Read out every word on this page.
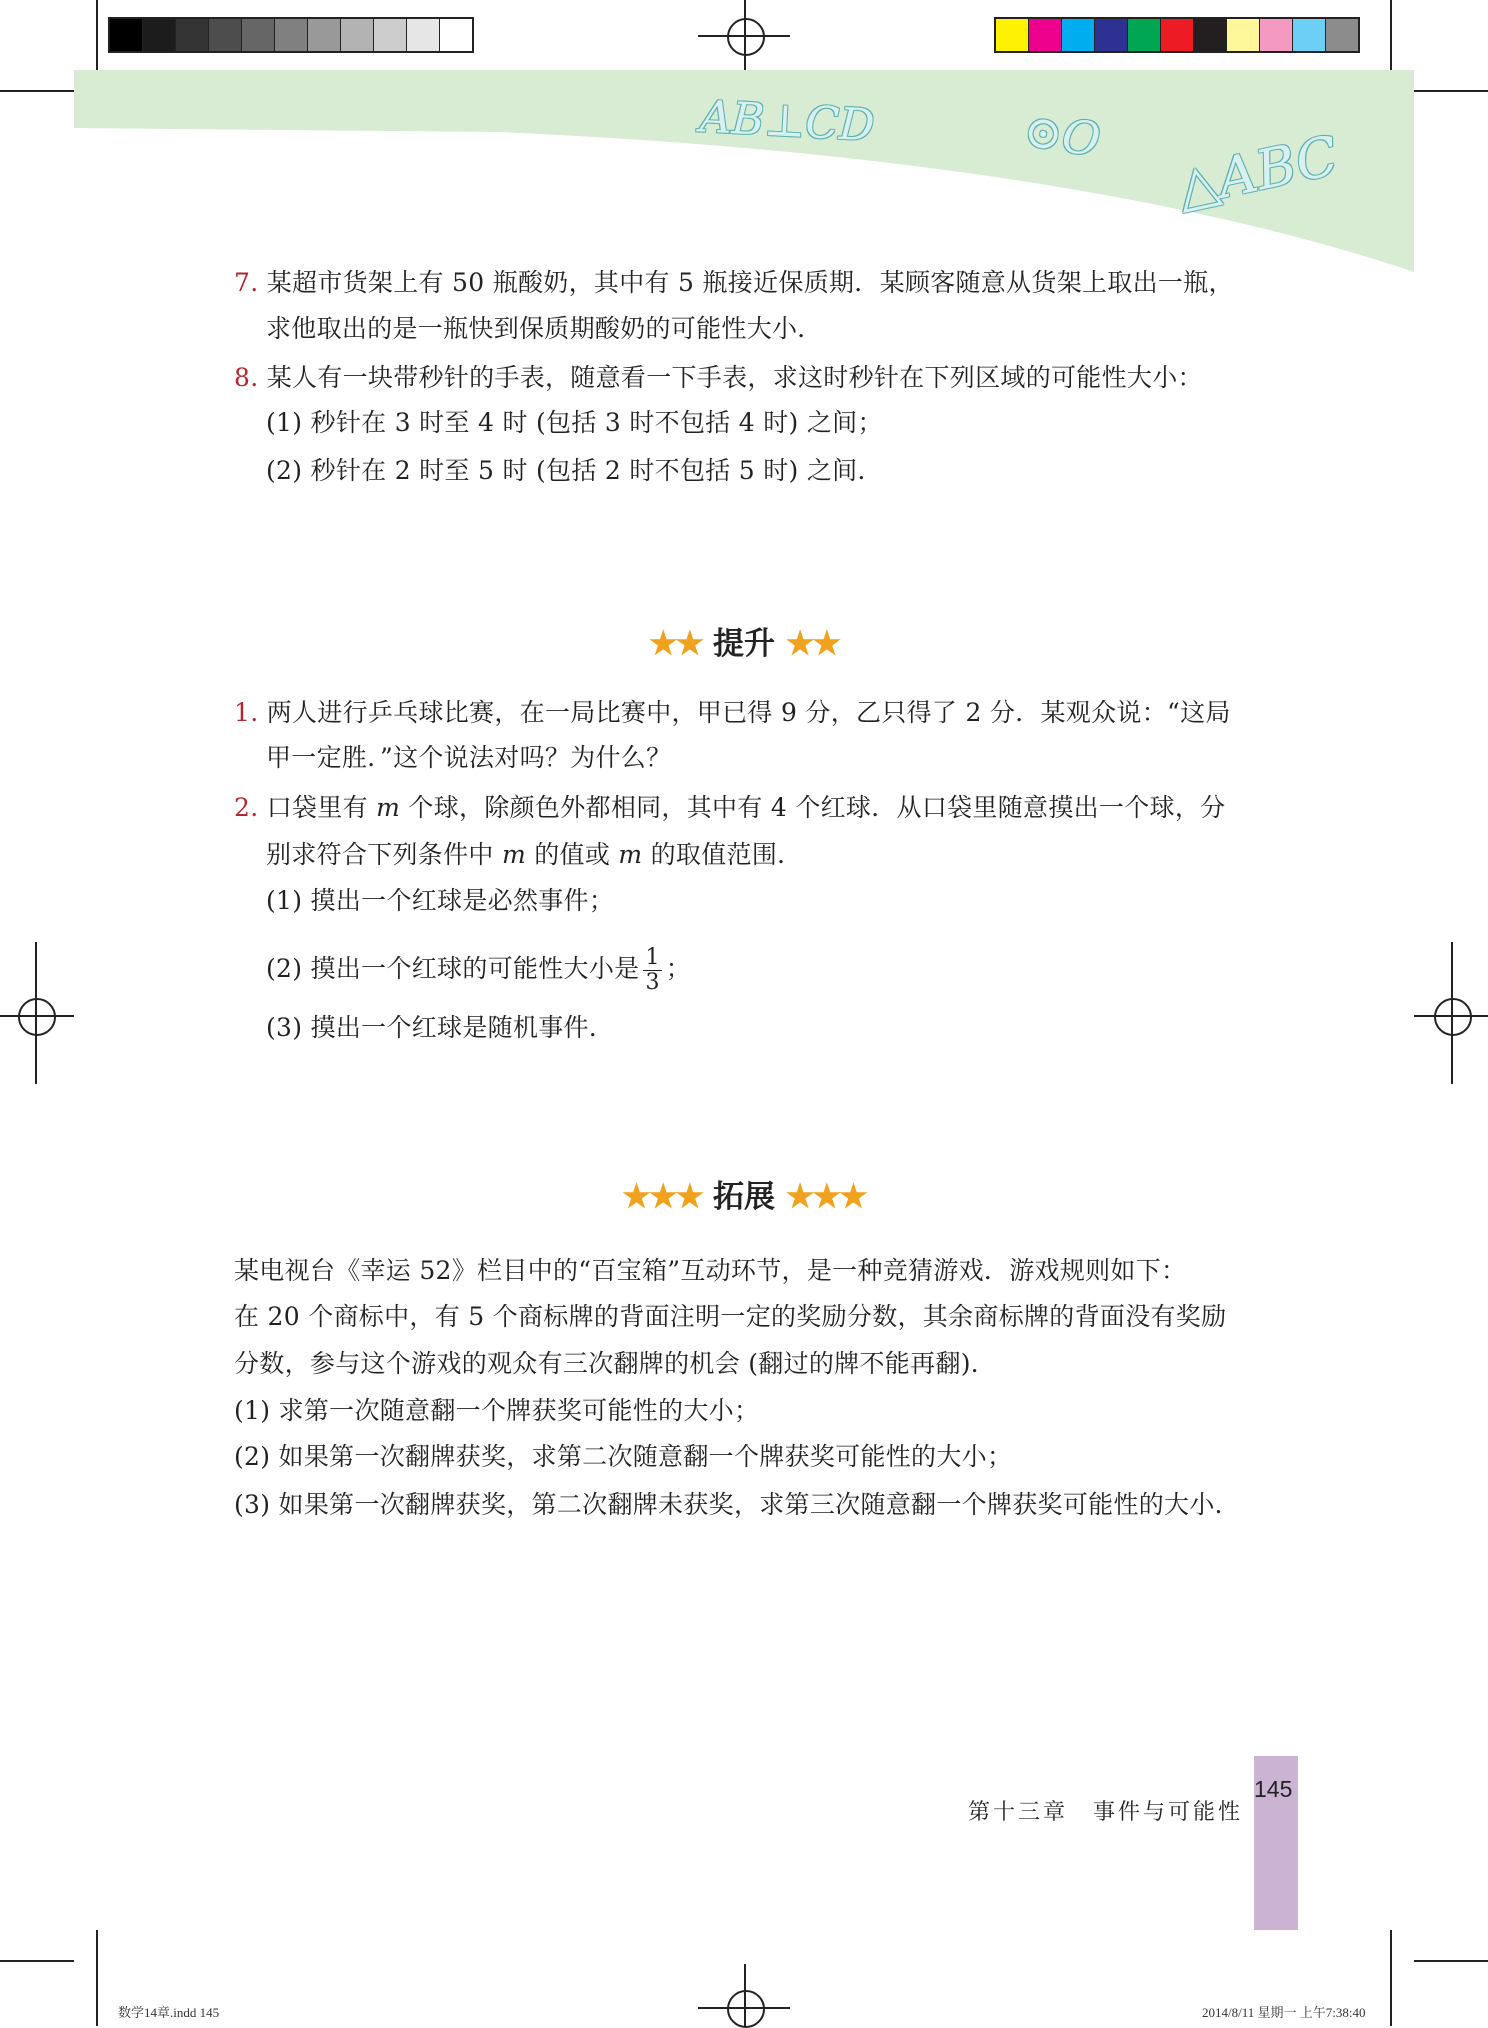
AB⊥CD	⊙O △ABC
7. 某超市货架上有 50 瓶酸奶，其中有 5 瓶接近保质期．某顾客随意从货架上取出一瓶，
求他取出的是一瓶快到保质期酸奶的可能性大小．
8. 某人有一块带秒针的手表，随意看一下手表，求这时秒针在下列区域的可能性大小：
(1) 秒针在 3 时至 4 时 (包括 3 时不包括 4 时) 之间；
(2) 秒针在 2 时至 5 时 (包括 2 时不包括 5 时) 之间．
★★ 提升 ★★
1. 两人进行乒乓球比赛，在一局比赛中，甲已得 9 分，乙只得了 2 分．某观众说：“这局
甲一定胜．”这个说法对吗？为什么？
2. 口袋里有 m 个球，除颜色外都相同，其中有 4 个红球．从口袋里随意摸出一个球，分
别求符合下列条件中 m 的值或 m 的取值范围．
(1) 摸出一个红球是必然事件；
(2) 摸出一个红球的可能性大小是 $\frac{1}{3}$ ；
(3) 摸出一个红球是随机事件．
★★★ 拓展 ★★★
某电视台《幸运 52》栏目中的“百宝箱”互动环节，是一种竞猜游戏．游戏规则如下：
在 20 个商标中，有 5 个商标牌的背面注明一定的奖励分数，其余商标牌的背面没有奖励
分数，参与这个游戏的观众有三次翻牌的机会 (翻过的牌不能再翻)．
(1) 求第一次随意翻一个牌获奖可能性的大小；
(2) 如果第一次翻牌获奖，求第二次随意翻一个牌获奖可能性的大小；
(3) 如果第一次翻牌获奖，第二次翻牌未获奖，求第三次随意翻一个牌获奖可能性的大小．
第十三章　事件与可能性
145
数学14章.indd 145	2014/8/11 星期一 上午7:38:40
